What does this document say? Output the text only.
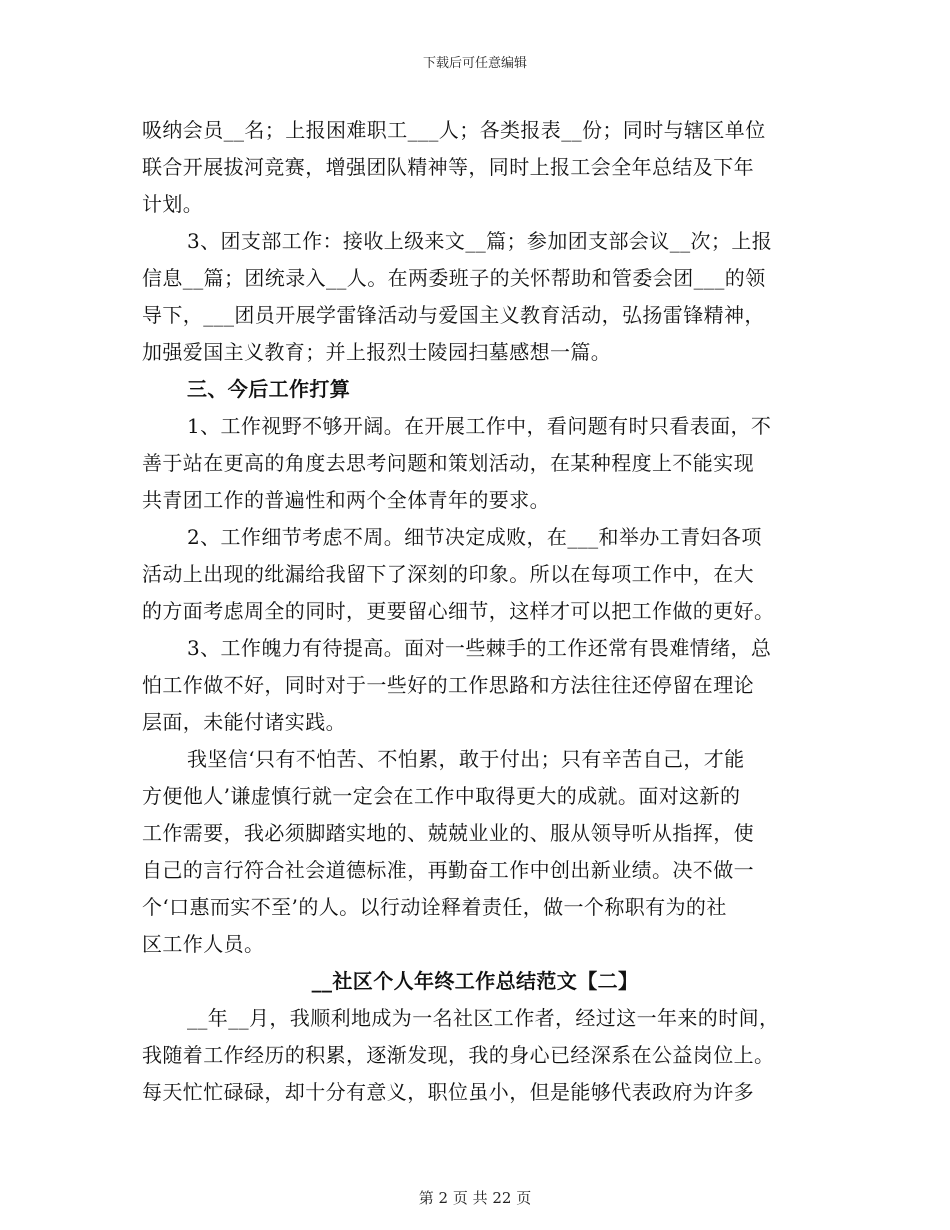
下载后可任意编辑
吸纳会员__名；上报困难职工___人；各类报表__份；同时与辖区单位
联合开展拔河竞赛，增强团队精神等，同时上报工会全年总结及下年
计划。
3、团支部工作：接收上级来文__篇；参加团支部会议__次；上报
信息__篇；团统录入__人。在两委班子的关怀帮助和管委会团___的领
导下，___团员开展学雷锋活动与爱国主义教育活动，弘扬雷锋精神，
加强爱国主义教育；并上报烈士陵园扫墓感想一篇。
三、今后工作打算
1、工作视野不够开阔。在开展工作中，看问题有时只看表面，不
善于站在更高的角度去思考问题和策划活动，在某种程度上不能实现
共青团工作的普遍性和两个全体青年的要求。
2、工作细节考虑不周。细节决定成败，在___和举办工青妇各项
活动上出现的纰漏给我留下了深刻的印象。所以在每项工作中，在大
的方面考虑周全的同时，更要留心细节，这样才可以把工作做的更好。
3、工作魄力有待提高。面对一些棘手的工作还常有畏难情绪，总
怕工作做不好，同时对于一些好的工作思路和方法往往还停留在理论
层面，未能付诸实践。
我坚信‘只有不怕苦、不怕累，敢于付出；只有辛苦自己，才能
方便他人’谦虚慎行就一定会在工作中取得更大的成就。面对这新的
工作需要，我必须脚踏实地的、兢兢业业的、服从领导听从指挥，使
自己的言行符合社会道德标准，再勤奋工作中创出新业绩。决不做一
个‘口惠而实不至’的人。以行动诠释着责任，做一个称职有为的社
区工作人员。
__社区个人年终工作总结范文【二】
__年__月，我顺利地成为一名社区工作者，经过这一年来的时间，
我随着工作经历的积累，逐渐发现，我的身心已经深系在公益岗位上。
每天忙忙碌碌，却十分有意义，职位虽小，但是能够代表政府为许多
第 2 页 共 22 页
